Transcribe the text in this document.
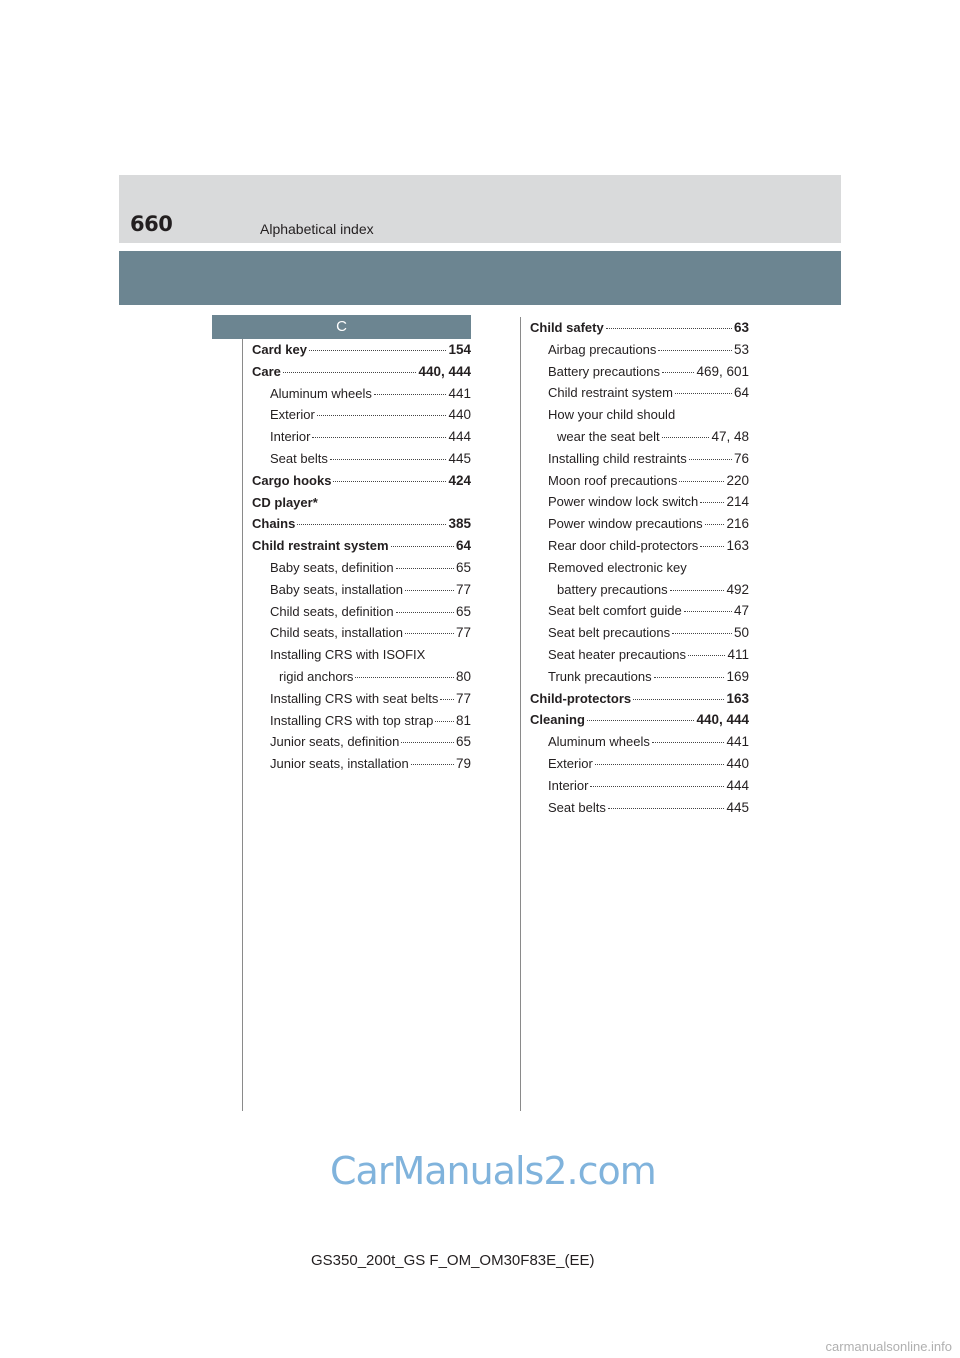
660	Alphabetical index
C
Card key	154
Care	440, 444
Aluminum wheels	441
Exterior	440
Interior	444
Seat belts	445
Cargo hooks	424
CD player*
Chains	385
Child restraint system	64
Baby seats, definition	65
Baby seats, installation	77
Child seats, definition	65
Child seats, installation	77
Installing CRS with ISOFIX
rigid anchors	80
Installing CRS with seat belts 77
Installing CRS with top strap 81
Junior seats, definition	65
Junior seats, installation	79
Child safety	63
Airbag precautions	53
Battery precautions	469, 601
Child restraint system	64
How your child should
wear the seat belt	47, 48
Installing child restraints	76
Moon roof precautions	220
Power window lock switch 214
Power window precautions 216
Rear door child-protectors 163
Removed electronic key
battery precautions	492
Seat belt comfort guide	47
Seat belt precautions	50
Seat heater precautions	411
Trunk precautions	169
Child-protectors	163
Cleaning	440, 444
Aluminum wheels	441
Exterior	440
Interior	444
Seat belts	445
CarManuals2.com
GS350_200t_GS F_OM_OM30F83E_(EE)
carmanualsonline.info
